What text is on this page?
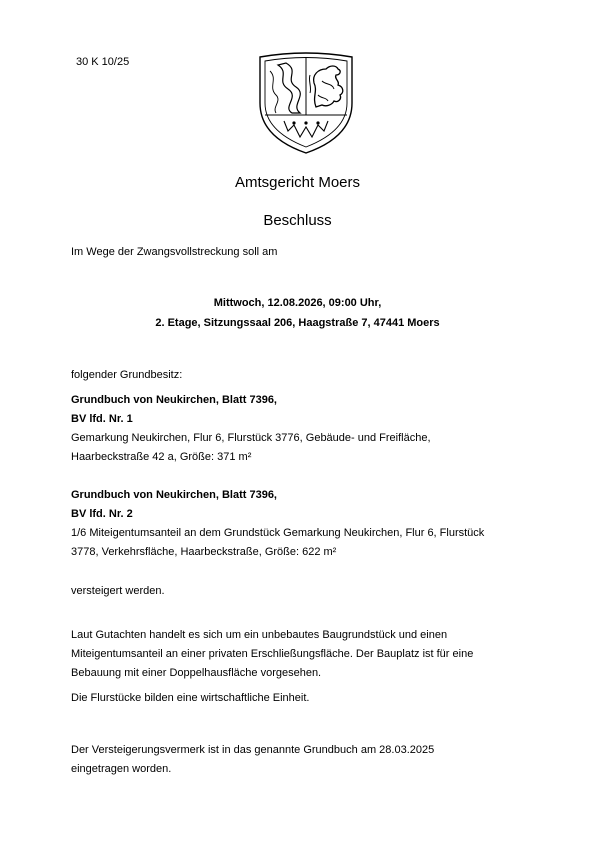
30 K 10/25
Amtsgericht Moers
Beschluss
Im Wege der Zwangsvollstreckung soll am
Mittwoch, 12.08.2026, 09:00 Uhr,
2. Etage, Sitzungssaal 206, Haagstraße 7, 47441 Moers
folgender Grundbesitz:
Grundbuch von Neukirchen, Blatt 7396,
BV lfd. Nr. 1
Gemarkung Neukirchen, Flur 6, Flurstück 3776, Gebäude- und Freifläche,
Haarbeckstraße 42 a, Größe: 371 m²
Grundbuch von Neukirchen, Blatt 7396,
BV lfd. Nr. 2
1/6 Miteigentumsanteil an dem Grundstück Gemarkung Neukirchen, Flur 6, Flurstück
3778, Verkehrsfläche, Haarbeckstraße, Größe: 622 m²
versteigert werden.
Laut Gutachten handelt es sich um ein unbebautes Baugrundstück und einen
Miteigentumsanteil an einer privaten Erschließungsfläche. Der Bauplatz ist für eine
Bebauung mit einer Doppelhausfläche vorgesehen.
Die Flurstücke bilden eine wirtschaftliche Einheit.
Der Versteigerungsvermerk ist in das genannte Grundbuch am 28.03.2025
eingetragen worden.
